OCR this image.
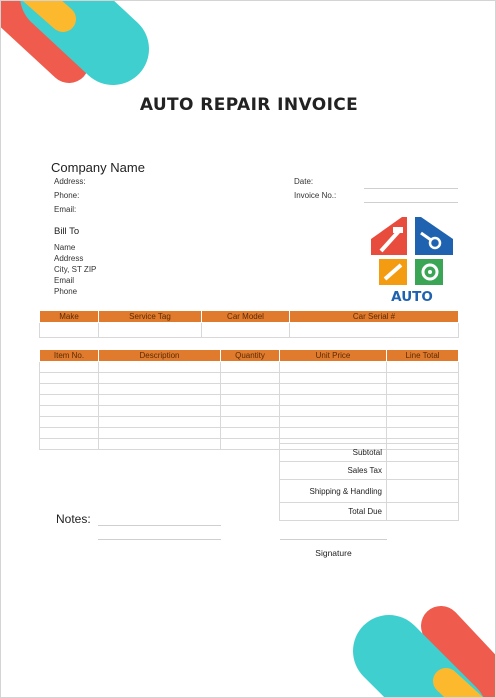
AUTO REPAIR INVOICE
Company Name
Address:
Phone:
Email:
Date:
Invoice No.:
Bill To
Name
Address
City, ST ZIP
Email
Phone	AUTO
Make	Service Tag	Car Model	Car Serial #

Item No.	Description	Quantity	Unit Price	Line Total

Subtotal	
Sales Tax	
Shipping & Handling	
Total Due	
Notes:
Signature
